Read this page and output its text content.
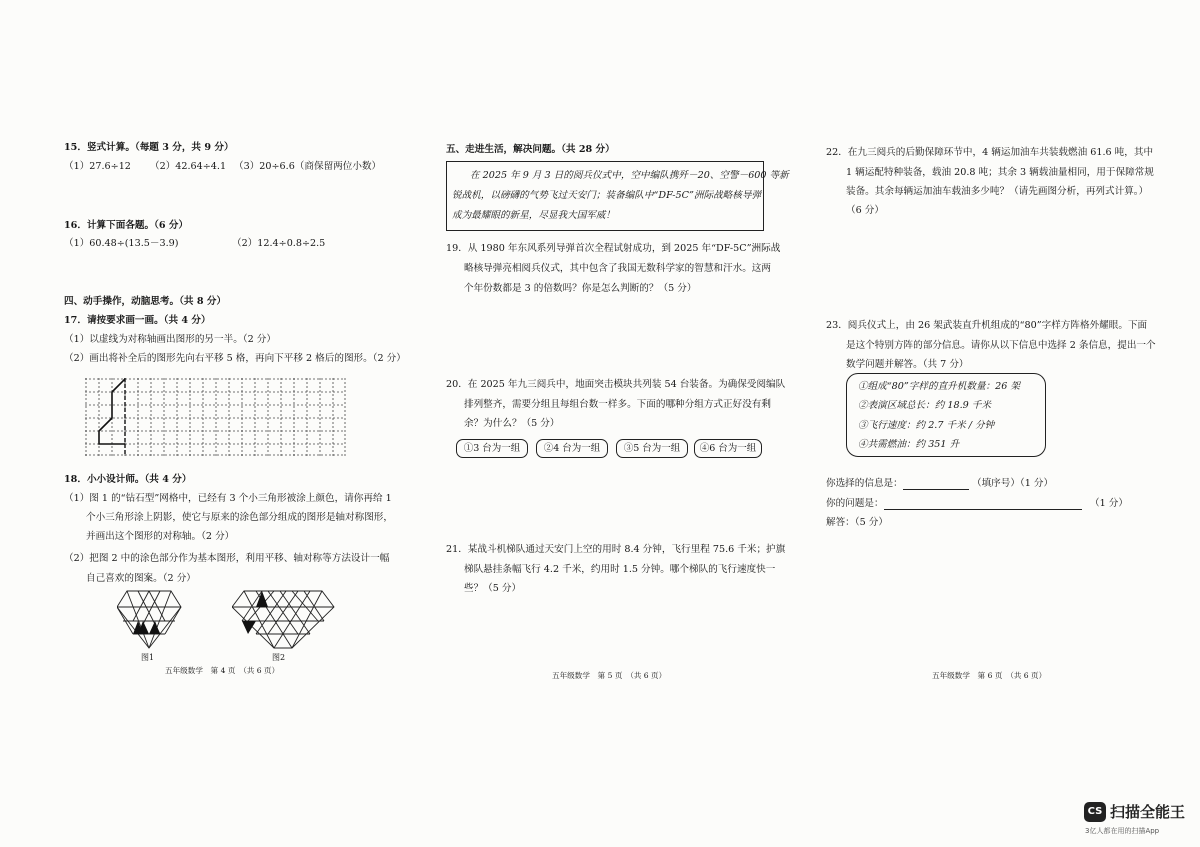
15．竖式计算。（每题 3 分，共 9 分）
（1）27.6÷12 （2）42.64÷4.1 （3）20÷6.6（商保留两位小数）
16．计算下面各题。（6 分）
（1）60.48÷(13.5－3.9)	（2）12.4÷0.8÷2.5
四、动手操作，动脑思考。（共 8 分）
17．请按要求画一画。（共 4 分）
（1）以虚线为对称轴画出图形的另一半。（2 分）
（2）画出将补全后的图形先向右平移 5 格，再向下平移 2 格后的图形。（2 分）
18．小小设计师。（共 4 分）
（1）图 1 的“钻石型”网格中，已经有 3 个小三角形被涂上颜色，请你再给 1
个小三角形涂上阴影，使它与原来的涂色部分组成的图形是轴对称图形，
并画出这个图形的对称轴。（2 分）
（2）把图 2 中的涂色部分作为基本图形，利用平移、轴对称等方法设计一幅
自己喜欢的图案。（2 分）
图1	图2
五年级数学　第 4 页　（共 6 页）
五、走进生活，解决问题。（共 28 分）
在 2025 年 9 月 3 日的阅兵仪式中，空中编队携歼－20、空警－600 等新
锐战机，以磅礴的气势飞过天安门；装备编队中“DF-5C”洲际战略核导弹
成为最耀眼的新星，尽显我大国军威！
19．从 1980 年东风系列导弹首次全程试射成功，到 2025 年“DF-5C”洲际战
略核导弹亮相阅兵仪式，其中包含了我国无数科学家的智慧和汗水。这两
个年份数都是 3 的倍数吗？你是怎么判断的？（5 分）
20．在 2025 年九三阅兵中，地面突击模块共列装 54 台装备。为确保受阅编队
排列整齐，需要分组且每组台数一样多。下面的哪种分组方式正好没有剩
余？为什么？（5 分）
①3 台为一组	②4 台为一组	③5 台为一组	④6 台为一组
21．某战斗机梯队通过天安门上空的用时 8.4 分钟，飞行里程 75.6 千米；护旗
梯队悬挂条幅飞行 4.2 千米，约用时 1.5 分钟。哪个梯队的飞行速度快一
些？（5 分）
五年级数学　第 5 页　（共 6 页）
22．在九三阅兵的后勤保障环节中，4 辆运加油车共装载燃油 61.6 吨，其中
1 辆运配特种装备，载油 20.8 吨；其余 3 辆载油量相同，用于保障常规
装备。其余每辆运加油车载油多少吨？（请先画图分析，再列式计算。）
（6 分）
23．阅兵仪式上，由 26 架武装直升机组成的“80”字样方阵格外耀眼。下面
是这个特别方阵的部分信息。请你从以下信息中选择 2 条信息，提出一个
数学问题并解答。（共 7 分）
①组成“80”字样的直升机数量：26 架
②表演区域总长：约 18.9 千米
③飞行速度：约 2.7 千米 / 分钟
④共需燃油：约 351 升
你选择的信息是：	（填序号）（1 分）
你的问题是：	（1 分）
解答：（5 分）
五年级数学　第 6 页　（共 6 页）
CS 扫描全能王
3亿人都在用的扫描App
